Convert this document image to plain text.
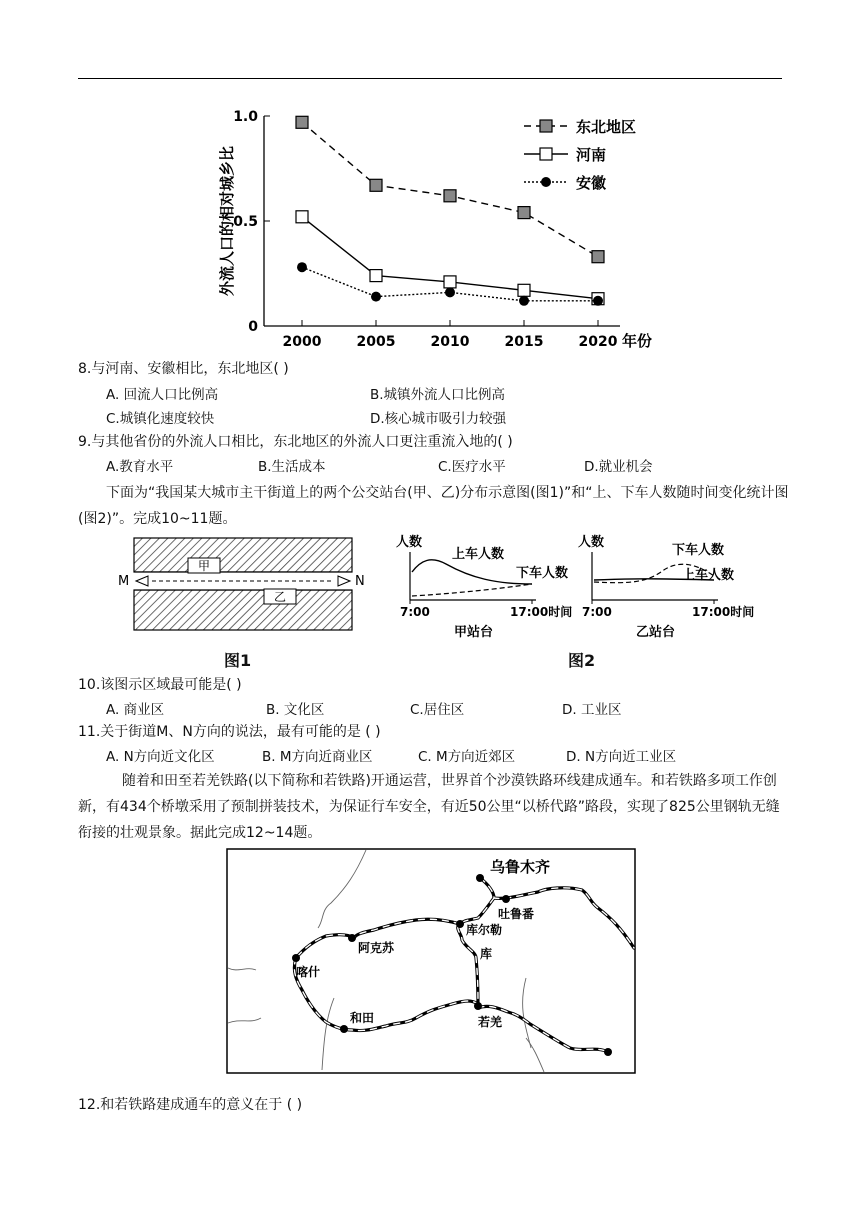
0
0.5
1.0
2000	2005	2010	2015	2020 年份
外流人口的相对城乡比
东北地区
河南
安徽
8.与河南、安徽相比，东北地区( )
A. 回流人口比例高	B.城镇外流人口比例高
C.城镇化速度较快	D.核心城市吸引力较强
9.与其他省份的外流人口相比，东北地区的外流人口更注重流入地的( )
A.教育水平	B.生活成本	C.医疗水平	D.就业机会
下面为“我国某大城市主干街道上的两个公交站台(甲、乙)分布示意图(图1)”和“上、下车人数随时间变化统计图 (图2)”。完成10~11题。
甲
乙
M	N
图1
人数
上车人数
下车人数
7:00	17:00时间
甲站台
人数
下车人数
上车人数
7:00	17:00时间
乙站台
图2
10.该图示区域最可能是( )
A. 商业区	B. 文化区	C.居住区	D. 工业区
11.关于街道M、N方向的说法，最有可能的是 ( )
A. N方向近文化区	B. M方向近商业区	C. M方向近郊区	D. N方向近工业区
随着和田至若羌铁路(以下简称和若铁路)开通运营，世界首个沙漠铁路环线建成通车。和若铁路多项工作创新，有434个桥墩采用了预制拼装技术，为保证行车安全，有近50公里“以桥代路”路段，实现了825公里钢轨无缝衔接的壮观景象。据此完成12~14题。
乌鲁木齐
吐鲁番
库尔勒
库
阿克苏
喀什
和田	若羌
12.和若铁路建成通车的意义在于 ( )
